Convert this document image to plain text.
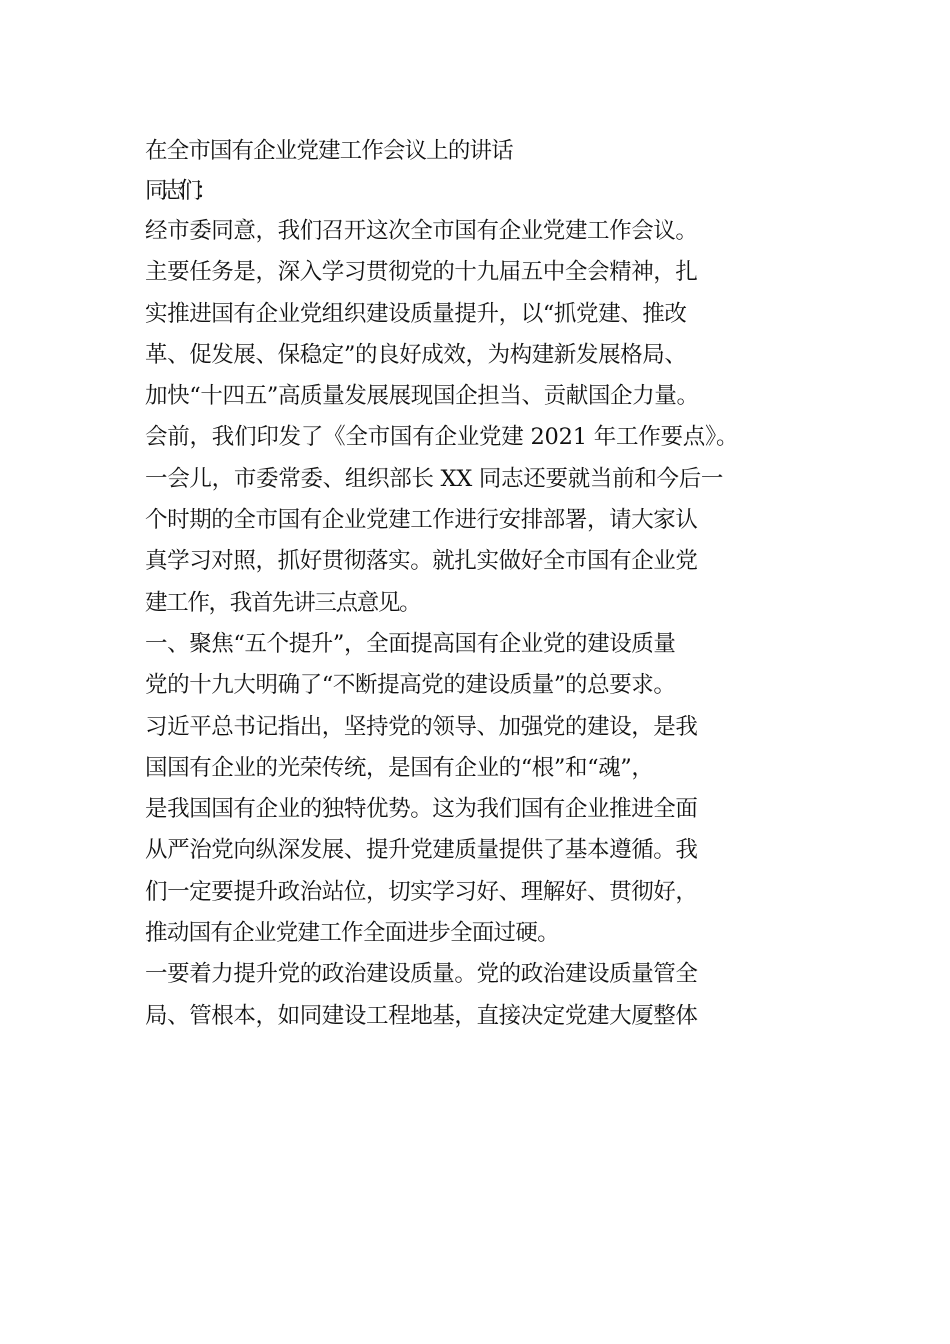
在全市国有企业党建工作会议上的讲话
同志们：
经市委同意，我们召开这次全市国有企业党建工作会议。
主要任务是，深入学习贯彻党的十九届五中全会精神，扎
实推进国有企业党组织建设质量提升，以“抓党建、推改
革、促发展、保稳定”的良好成效，为构建新发展格局、
加快“十四五”高质量发展展现国企担当、贡献国企力量。
会前，我们印发了《全市国有企业党建 2021 年工作要点》。
一会儿，市委常委、组织部长 XX 同志还要就当前和今后一
个时期的全市国有企业党建工作进行安排部署，请大家认
真学习对照，抓好贯彻落实。就扎实做好全市国有企业党
建工作，我首先讲三点意见。
一、聚焦“五个提升”，全面提高国有企业党的建设质量
党的十九大明确了“不断提高党的建设质量”的总要求。
习近平总书记指出，坚持党的领导、加强党的建设，是我
国国有企业的光荣传统，是国有企业的“根”和“魂”，
是我国国有企业的独特优势。这为我们国有企业推进全面
从严治党向纵深发展、提升党建质量提供了基本遵循。我
们一定要提升政治站位，切实学习好、理解好、贯彻好，
推动国有企业党建工作全面进步全面过硬。
一要着力提升党的政治建设质量。党的政治建设质量管全
局、管根本，如同建设工程地基，直接决定党建大厦整体
